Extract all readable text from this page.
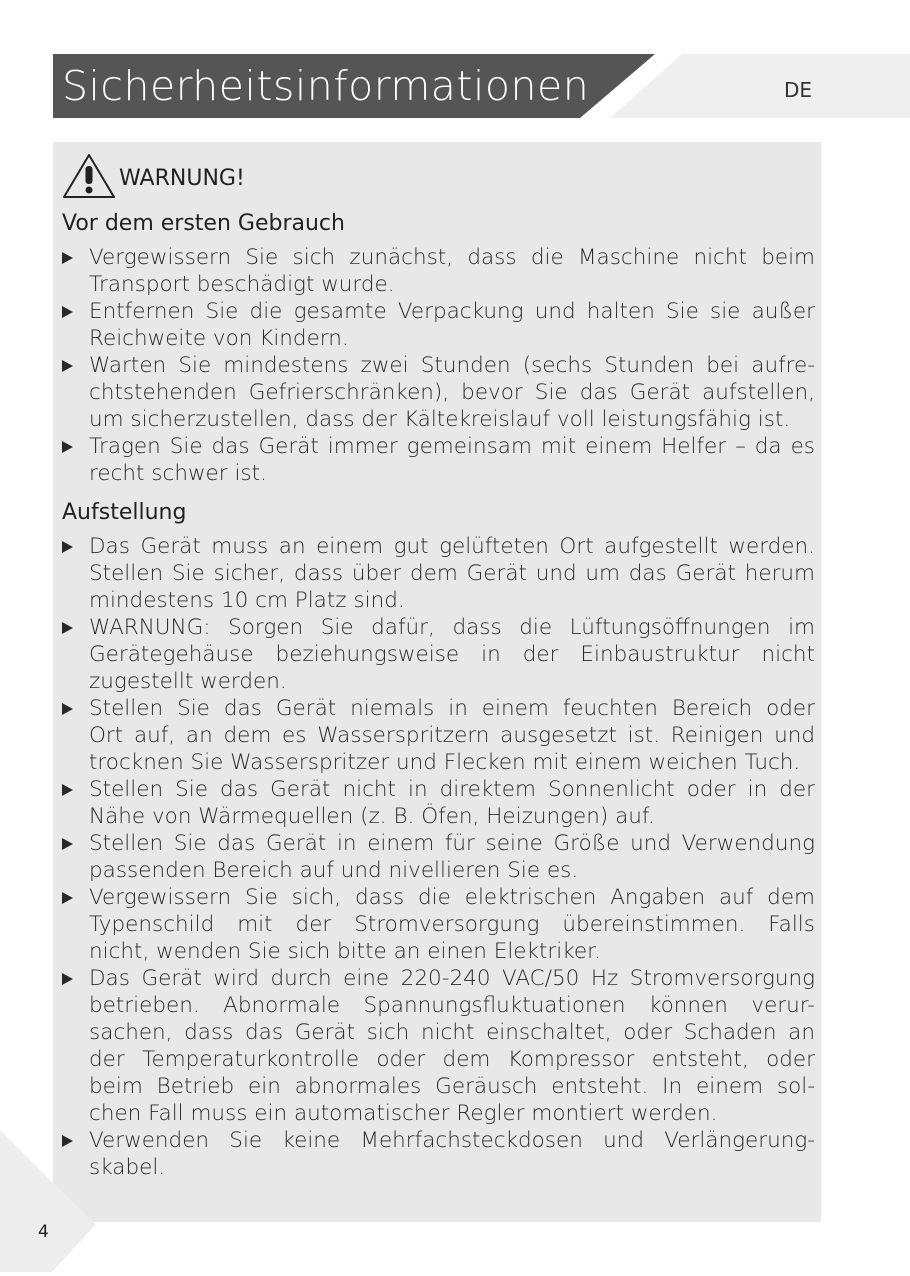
Sicherheitsinformationen	DE
WARNUNG!
Vor dem ersten Gebrauch
Vergewissern Sie sich zunächst, dass die Maschine nicht beim
Transport beschädigt wurde.
Entfernen Sie die gesamte Verpackung und halten Sie sie außer
Reichweite von Kindern.
Warten Sie mindestens zwei Stunden (sechs Stunden bei aufre-
chtstehenden Gefrierschränken), bevor Sie das Gerät aufstellen,
um sicherzustellen, dass der Kältekreislauf voll leistungsfähig ist.
Tragen Sie das Gerät immer gemeinsam mit einem Helfer – da es
recht schwer ist.
Aufstellung
Das Gerät muss an einem gut gelüfteten Ort aufgestellt werden.
Stellen Sie sicher, dass über dem Gerät und um das Gerät herum
mindestens 10 cm Platz sind.
WARNUNG: Sorgen Sie dafür, dass die Lüftungsöffnungen im
Gerätegehäuse beziehungsweise in der Einbaustruktur nicht
zugestellt werden.
Stellen Sie das Gerät niemals in einem feuchten Bereich oder
Ort auf, an dem es Wasserspritzern ausgesetzt ist. Reinigen und
trocknen Sie Wasserspritzer und Flecken mit einem weichen Tuch.
Stellen Sie das Gerät nicht in direktem Sonnenlicht oder in der
Nähe von Wärmequellen (z. B. Öfen, Heizungen) auf.
Stellen Sie das Gerät in einem für seine Größe und Verwendung
passenden Bereich auf und nivellieren Sie es.
Vergewissern Sie sich, dass die elektrischen Angaben auf dem
Typenschild mit der Stromversorgung übereinstimmen. Falls
nicht, wenden Sie sich bitte an einen Elektriker.
Das Gerät wird durch eine 220-240 VAC/50 Hz Stromversorgung
betrieben. Abnormale Spannungsfluktuationen können verur-
sachen, dass das Gerät sich nicht einschaltet, oder Schaden an
der Temperaturkontrolle oder dem Kompressor entsteht, oder
beim Betrieb ein abnormales Geräusch entsteht. In einem sol-
chen Fall muss ein automatischer Regler montiert werden.
Verwenden Sie keine Mehrfachsteckdosen und Verlängerung-
skabel.
4
